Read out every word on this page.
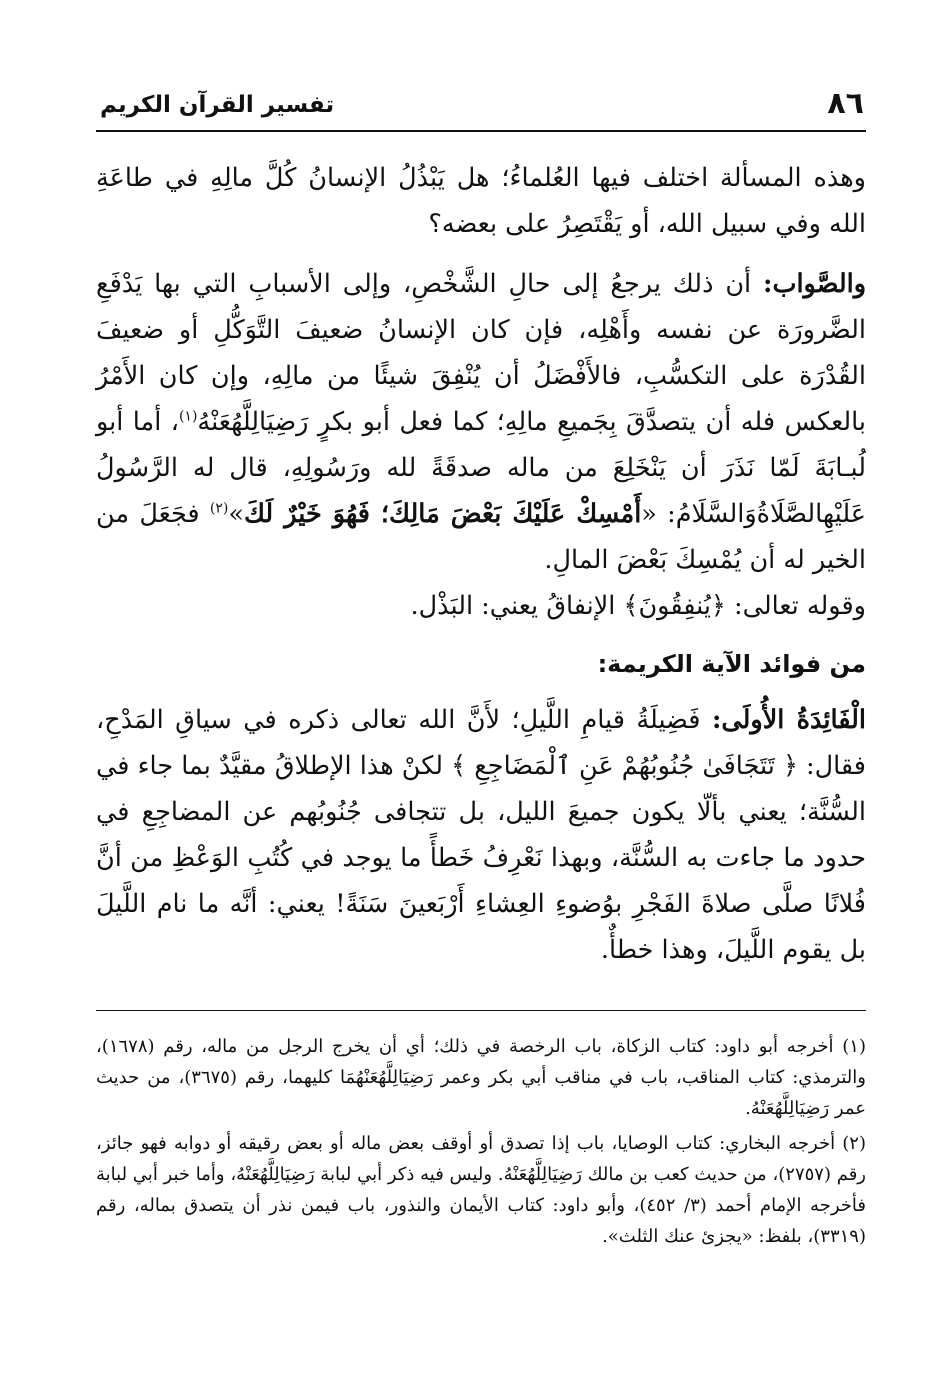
٨٦
تفسير القرآن الكريم

وهذه المسألة اختلف فيها العُلماءُ؛ هل يَبْذُلُ الإنسانُ كُلَّ مالِهِ في طاعَةِ الله وفي سبيل الله، أو يَقْتَصِرُ على بعضه؟

والصَّواب: أن ذلك يرجعُ إلى حالِ الشَّخْصِ، وإلى الأسبابِ التي بها يَدْفَعِ الضَّرورَة عن نفسه وأَهْلِه، فإن كان الإنسانُ ضعيفَ التَّوَكُّلِ أو ضعيفَ القُدْرَة على التكسُّبِ، فالأَفْضَلُ أن يُنْفِقَ شيئًا من مالِهِ، وإن كان الأَمْرُ بالعكس فله أن يتصدَّقَ بِجَميعِ مالِهِ؛ كما فعل أبو بكرٍ رَضِيَالِلَّهُعَنْهُ$^{(١)}$، أما أبو لُبـابَةَ لَمّا نَذَرَ أن يَنْخَلِعَ من ماله صدقَةً لله ورَسُولِهِ، قال له الرَّسُولُ عَلَيْهِالصَّلَاةُوَالسَّلَامُ: «أَمْسِكْ عَلَيْكَ بَعْضَ مَالِكَ؛ فَهُوَ خَيْرٌ لَكَ»$^{(٢)}$ فجَعَلَ من الخير له أن يُمْسِكَ بَعْضَ المالِ.

وقوله تعالى: ﴿يُنفِقُونَ﴾ الإنفاقُ يعني: البَذْل.

من فوائد الآية الكريمة:

الْفَائِدَةُ الأُولَى: فَضِيلَةُ قيامِ اللَّيلِ؛ لأَنَّ الله تعالى ذكره في سياقِ المَدْحِ، فقال: ﴿ تَتَجَافَىٰ جُنُوبُهُمْ عَنِ ٱلْمَضَاجِعِ ﴾ لكنْ هذا الإطلاقُ مقيَّدٌ بما جاء في السُّنَّة؛ يعني بألّا يكون جميعَ الليل، بل تتجافى جُنُوبُهم عن المضاجِعِ في حدود ما جاءت به السُّنَّة، وبهذا نَعْرِفُ خَطأً ما يوجد في كُتُبِ الوَعْظِ من أنَّ فُلانًا صلَّى صلاةَ الفَجْرِ بوُضوءِ العِشاءِ أَرْبَعينَ سَنَةً! يعني: أنَّه ما نام اللَّيلَ بل يقوم اللَّيلَ، وهذا خطأٌ.

(١) أخرجه أبو داود: كتاب الزكاة، باب الرخصة في ذلك؛ أي أن يخرج الرجل من ماله، رقم (١٦٧٨)، والترمذي: كتاب المناقب، باب في مناقب أبي بكر وعمر رَضِيَالِلَّهُعَنْهُمَا كليهما، رقم (٣٦٧٥)، من حديث عمر رَضِيَالِلَّهُعَنْهُ.

(٢) أخرجه البخاري: كتاب الوصايا، باب إذا تصدق أو أوقف بعض ماله أو بعض رقيقه أو دوابه فهو جائز، رقم (٢٧٥٧)، من حديث كعب بن مالك رَضِيَالِلَّهُعَنْهُ. وليس فيه ذكر أبي لبابة رَضِيَالِلَّهُعَنْهُ، وأما خبر أبي لبابة فأخرجه الإمام أحمد (٣/ ٤٥٢)، وأبو داود: كتاب الأيمان والنذور، باب فيمن نذر أن يتصدق بماله، رقم (٣٣١٩)، بلفظ: «يجزئ عنك الثلث».
